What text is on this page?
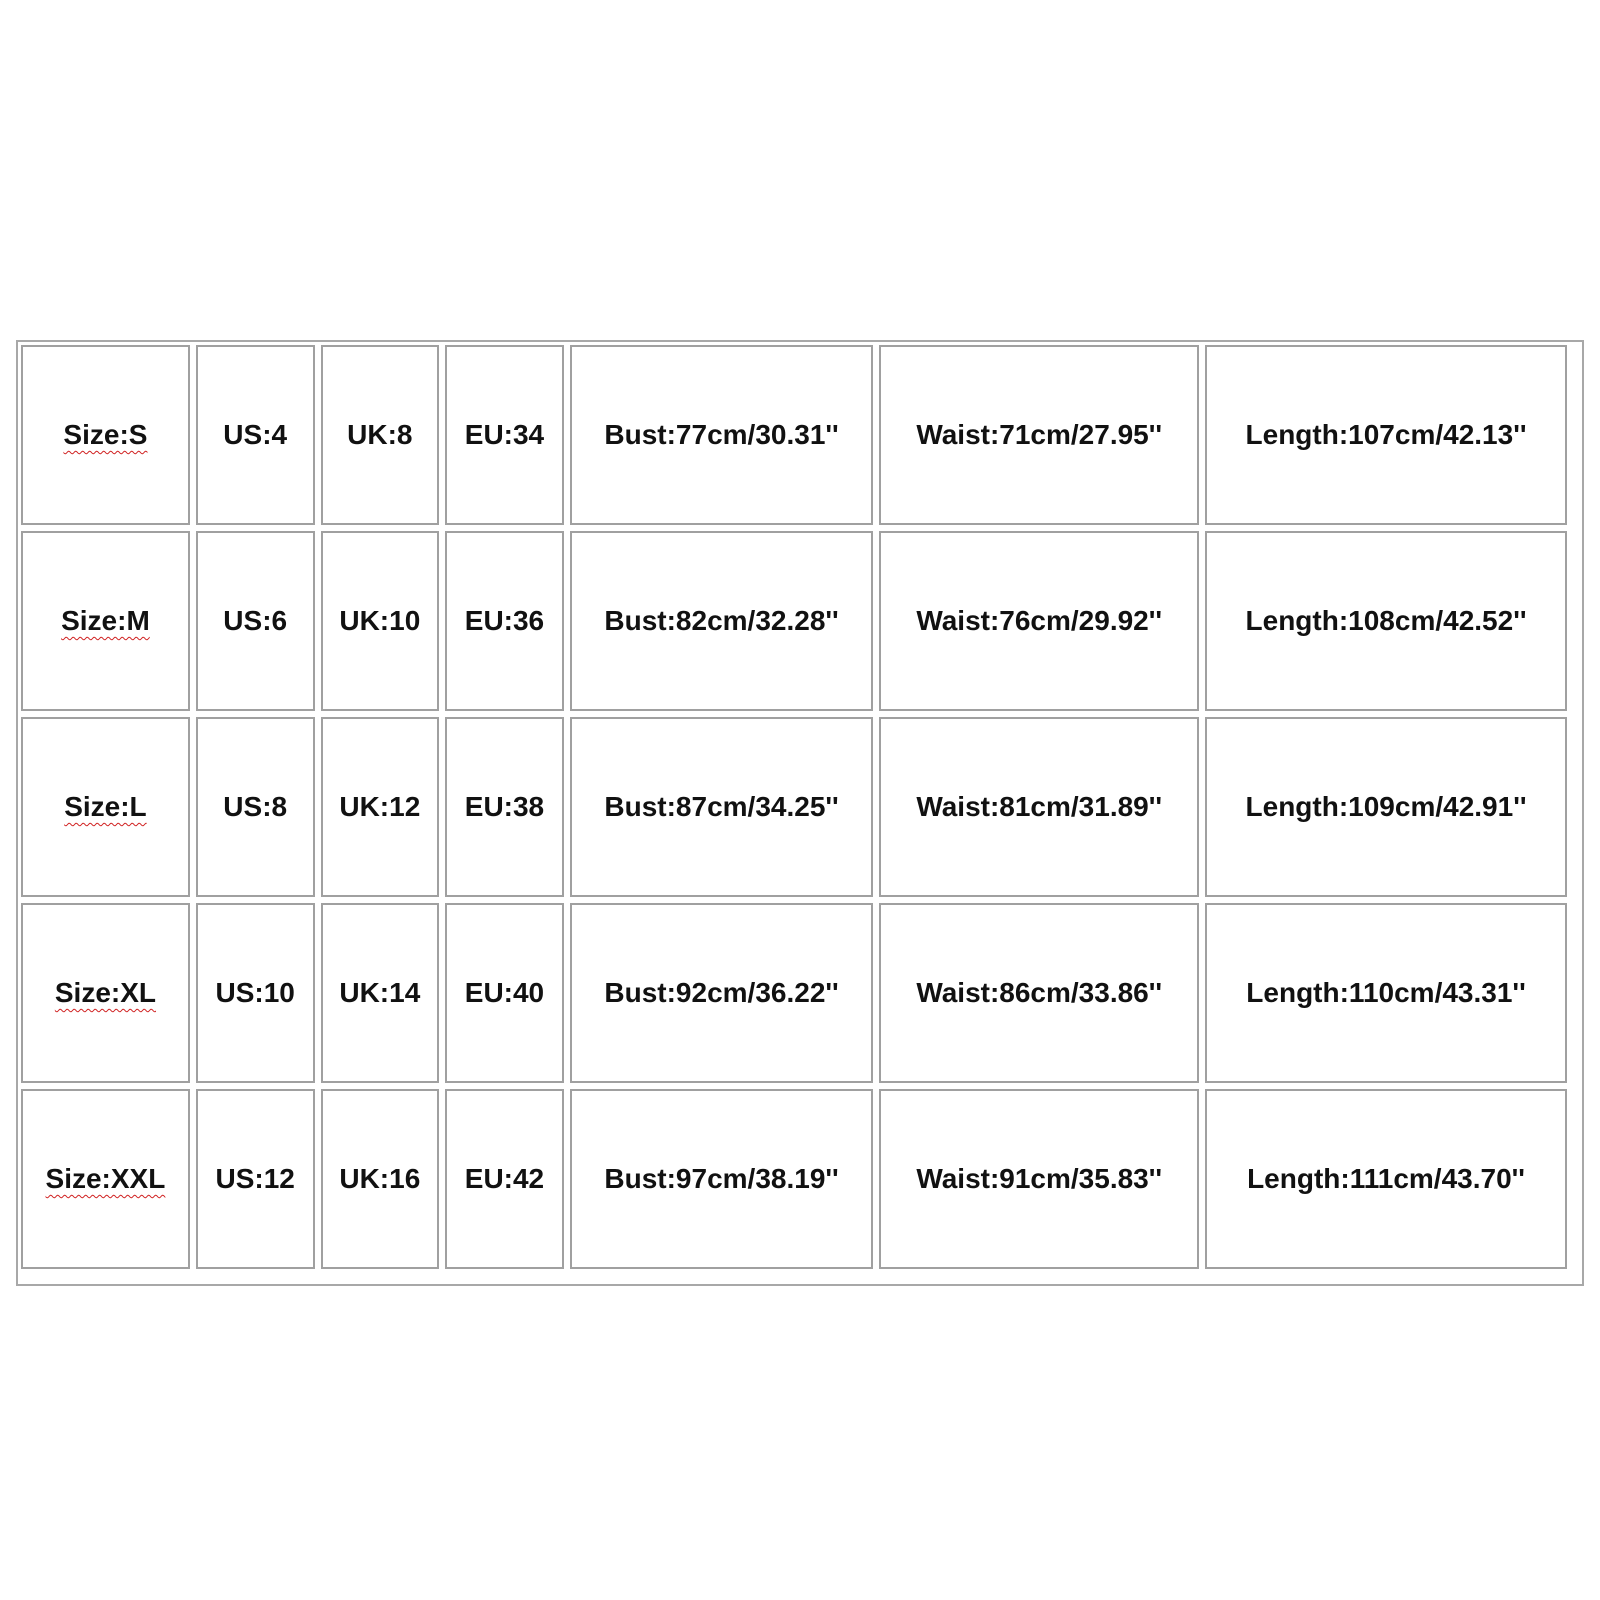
Size:S	US:4	UK:8	EU:34	Bust:77cm/30.31''	Waist:71cm/27.95''	Length:107cm/42.13''
Size:M	US:6	UK:10	EU:36	Bust:82cm/32.28''	Waist:76cm/29.92''	Length:108cm/42.52''
Size:L	US:8	UK:12	EU:38	Bust:87cm/34.25''	Waist:81cm/31.89''	Length:109cm/42.91''
Size:XL	US:10	UK:14	EU:40	Bust:92cm/36.22''	Waist:86cm/33.86''	Length:110cm/43.31''
Size:XXL	US:12	UK:16	EU:42	Bust:97cm/38.19''	Waist:91cm/35.83''	Length:111cm/43.70''
